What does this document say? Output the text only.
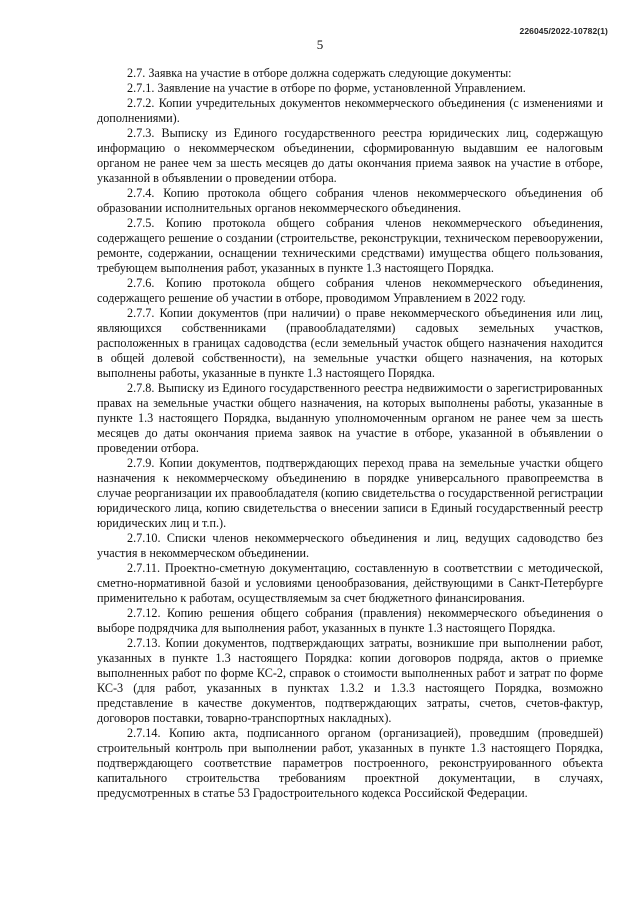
226045/2022-10782(1)
5

2.7. Заявка на участие в отборе должна содержать следующие документы:

2.7.1. Заявление на участие в отборе по форме, установленной Управлением.

2.7.2. Копии учредительных документов некоммерческого объединения (с изменениями и дополнениями).

2.7.3. Выписку из Единого государственного реестра юридических лиц, содержащую информацию о некоммерческом объединении, сформированную выдавшим ее налоговым органом не ранее чем за шесть месяцев до даты окончания приема заявок на участие в отборе, указанной в объявлении о проведении отбора.

2.7.4. Копию протокола общего собрания членов некоммерческого объединения об образовании исполнительных органов некоммерческого объединения.

2.7.5. Копию протокола общего собрания членов некоммерческого объединения, содержащего решение о создании (строительстве, реконструкции, техническом перевооружении, ремонте, содержании, оснащении техническими средствами) имущества общего пользования, требующем выполнения работ, указанных в пункте 1.3 настоящего Порядка.

2.7.6. Копию протокола общего собрания членов некоммерческого объединения, содержащего решение об участии в отборе, проводимом Управлением в 2022 году.

2.7.7. Копии документов (при наличии) о праве некоммерческого объединения или лиц, являющихся собственниками (правообладателями) садовых земельных участков, расположенных в границах садоводства (если земельный участок общего назначения находится в общей долевой собственности), на земельные участки общего назначения, на которых выполнены работы, указанные в пункте 1.3 настоящего Порядка.

2.7.8. Выписку из Единого государственного реестра недвижимости о зарегистрированных правах на земельные участки общего назначения, на которых выполнены работы, указанные в пункте 1.3 настоящего Порядка, выданную уполномоченным органом не ранее чем за шесть месяцев до даты окончания приема заявок на участие в отборе, указанной в объявлении о проведении отбора.

2.7.9. Копии документов, подтверждающих переход права на земельные участки общего назначения к некоммерческому объединению в порядке универсального правопреемства в случае реорганизации их правообладателя (копию свидетельства о государственной регистрации юридического лица, копию свидетельства о внесении записи в Единый государственный реестр юридических лиц и т.п.).

2.7.10. Списки членов некоммерческого объединения и лиц, ведущих садоводство без участия в некоммерческом объединении.

2.7.11. Проектно-сметную документацию, составленную в соответствии с методической, сметно-нормативной базой и условиями ценообразования, действующими в Санкт-Петербурге применительно к работам, осуществляемым за счет бюджетного финансирования.

2.7.12. Копию решения общего собрания (правления) некоммерческого объединения о выборе подрядчика для выполнения работ, указанных в пункте 1.3 настоящего Порядка.

2.7.13. Копии документов, подтверждающих затраты, возникшие при выполнении работ, указанных в пункте 1.3 настоящего Порядка: копии договоров подряда, актов о приемке выполненных работ по форме КС-2, справок о стоимости выполненных работ и затрат по форме КС-3 (для работ, указанных в пунктах 1.3.2 и 1.3.3 настоящего Порядка, возможно представление в качестве документов, подтверждающих затраты, счетов, счетов-фактур, договоров поставки, товарно-транспортных накладных).

2.7.14. Копию акта, подписанного органом (организацией), проведшим (проведшей) строительный контроль при выполнении работ, указанных в пункте 1.3 настоящего Порядка, подтверждающего соответствие параметров построенного, реконструированного объекта капитального строительства требованиям проектной документации, в случаях, предусмотренных в статье 53 Градостроительного кодекса Российской Федерации.
